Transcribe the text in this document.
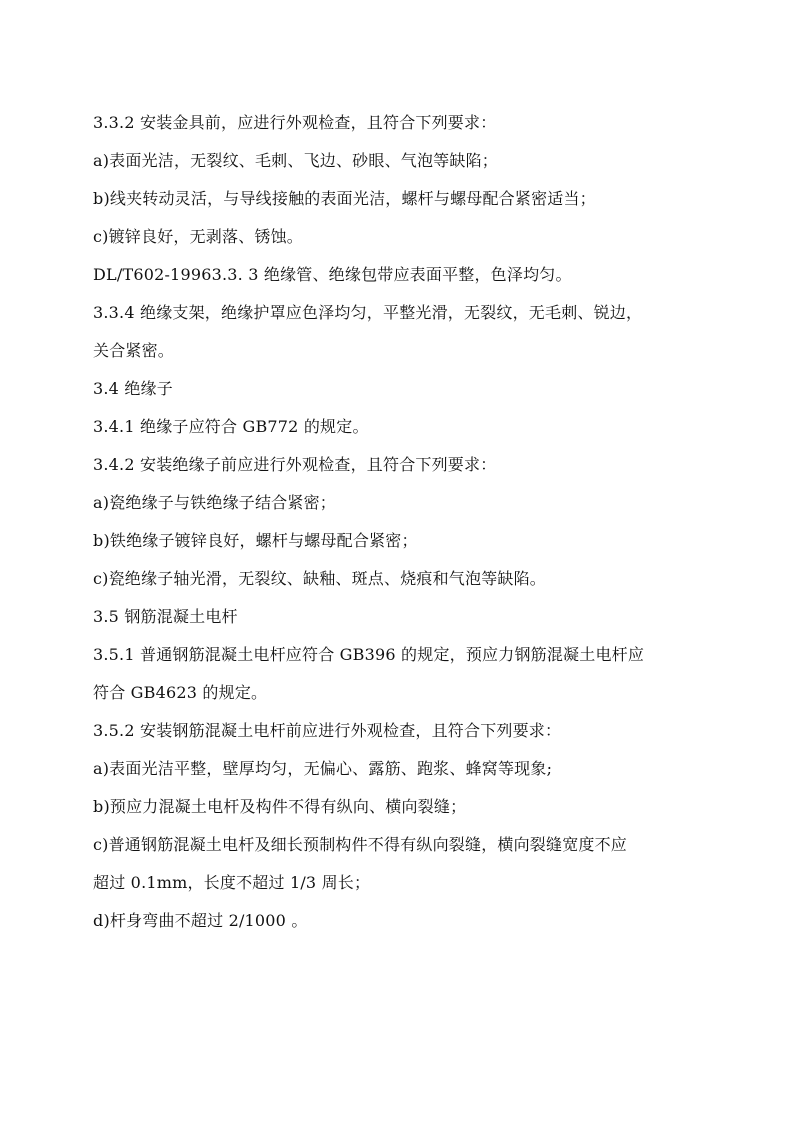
3.3.2 安装金具前，应进行外观检查，且符合下列要求：

a)表面光洁，无裂纹、毛刺、飞边、砂眼、气泡等缺陷；

b)线夹转动灵活，与导线接触的表面光洁，螺杆与螺母配合紧密适当；

c)镀锌良好，无剥落、锈蚀。

DL/T602-19963.3. 3 绝缘管、绝缘包带应表面平整，色泽均匀。

3.3.4 绝缘支架，绝缘护罩应色泽均匀，平整光滑，无裂纹，无毛刺、锐边，

关合紧密。

3.4 绝缘子

3.4.1 绝缘子应符合 GB772 的规定。

3.4.2 安装绝缘子前应进行外观检查，且符合下列要求：

a)瓷绝缘子与铁绝缘子结合紧密；

b)铁绝缘子镀锌良好，螺杆与螺母配合紧密；

c)瓷绝缘子轴光滑，无裂纹、缺釉、斑点、烧痕和气泡等缺陷。

3.5 钢筋混凝土电杆

3.5.1 普通钢筋混凝土电杆应符合 GB396 的规定，预应力钢筋混凝土电杆应

符合 GB4623 的规定。

3.5.2 安装钢筋混凝土电杆前应进行外观检查，且符合下列要求：

a)表面光洁平整，壁厚均匀，无偏心、露筋、跑浆、蜂窝等现象;

b)预应力混凝土电杆及构件不得有纵向、横向裂缝；

c)普通钢筋混凝土电杆及细长预制构件不得有纵向裂缝，横向裂缝宽度不应

超过 0.1mm，长度不超过 1/3 周长；

d)杆身弯曲不超过 2/1000 。
